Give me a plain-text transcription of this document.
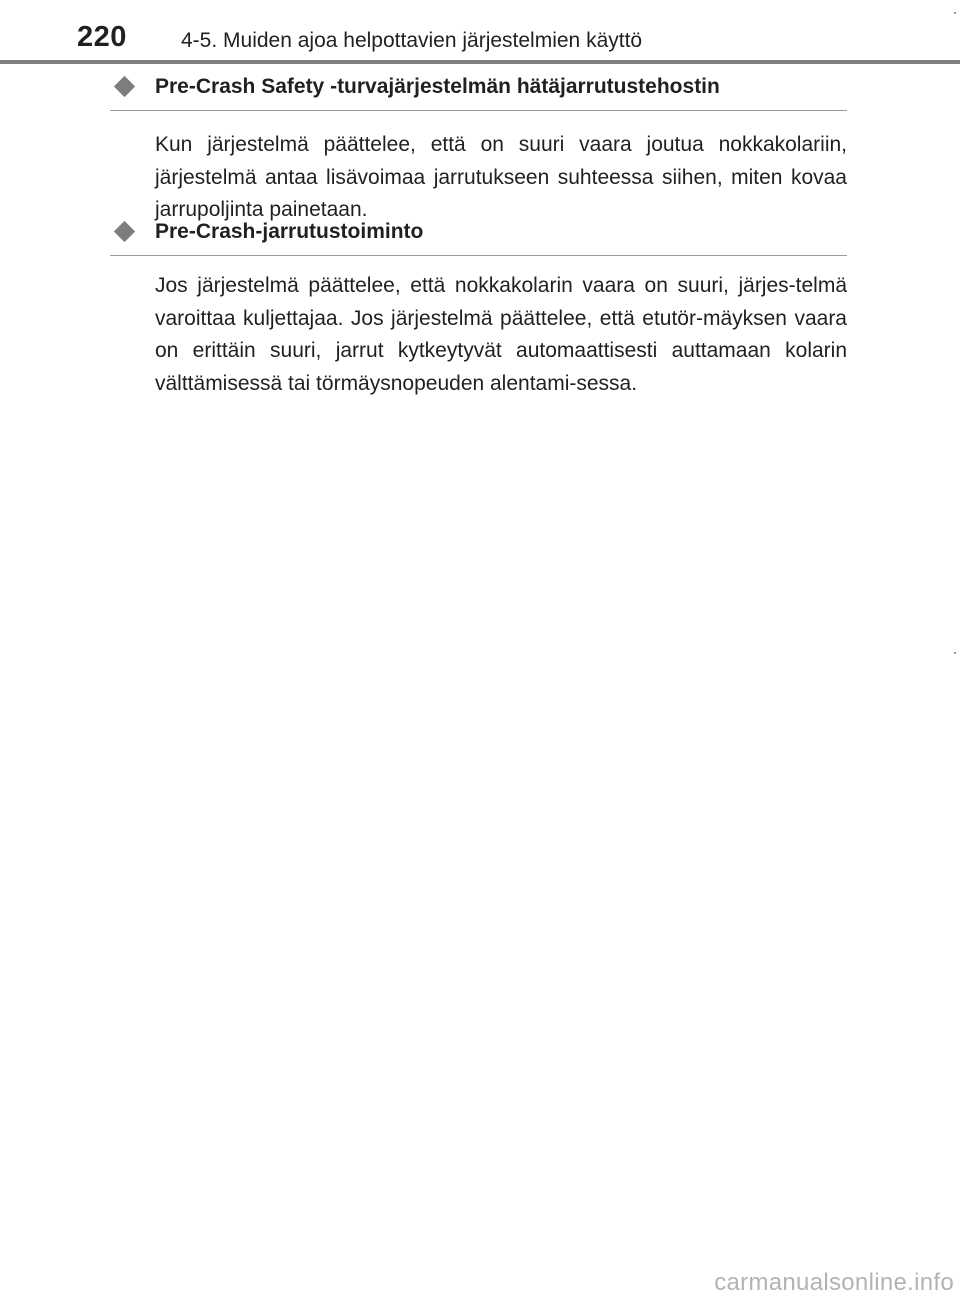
220	4-5. Muiden ajoa helpottavien järjestelmien käyttö
Pre-Crash Safety -turvajärjestelmän hätäjarrutustehostin

Kun järjestelmä päättelee, että on suuri vaara joutua nokkakolariin, järjestelmä antaa lisävoimaa jarrutukseen suhteessa siihen, miten kovaa jarrupoljinta painetaan.

Pre-Crash-jarrutustoiminto

Jos järjestelmä päättelee, että nokkakolarin vaara on suuri, järjes-telmä varoittaa kuljettajaa. Jos järjestelmä päättelee, että etutör-mäyksen vaara on erittäin suuri, jarrut kytkeytyvät automaattisesti auttamaan kolarin välttämisessä tai törmäysnopeuden alentami-sessa.

carmanualsonline.info
